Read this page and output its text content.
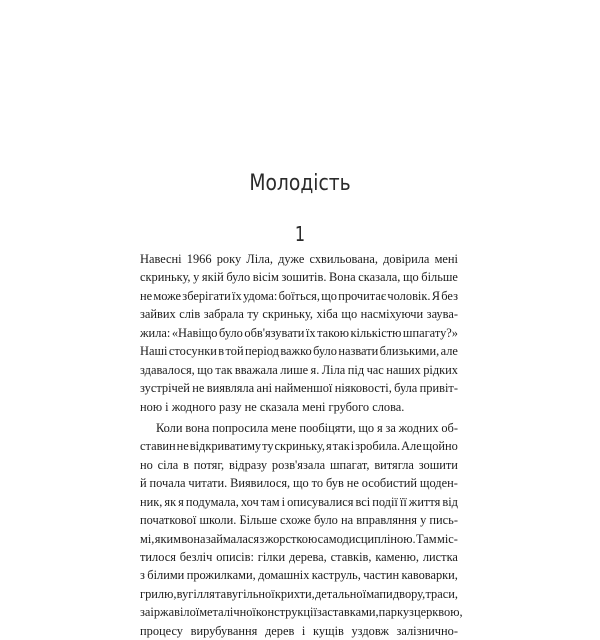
Молодість
1
Навесні 1966 року Ліла, дуже схвильована, довірила мені
скриньку, у якій було вісім зошитів. Вона сказала, що більше
не може зберігати їх удома: боїться, що прочитає чоловік. Я без
зайвих слів забрала ту скриньку, хіба що насміхуючи заува-
жила: «Навіщо було обв'язувати їх такою кількістю шпагату?»
Наші стосунки в той період важко було назвати близькими, але
здавалося, що так вважала лише я. Ліла під час наших рідких
зустрічей не виявляла ані найменшої ніяковості, була привіт-
ною і жодного разу не сказала мені грубого слова.
Коли вона попросила мене пообіцяти, що я за жодних об-
ставин не відкриватиму ту скриньку, я так і зробила. Але щойно
но сіла в потяг, відразу розв'язала шпагат, витягла зошити
й почала читати. Виявилося, що то був не особистий щоден-
ник, як я подумала, хоч там і описувалися всі події її життя від
початкової школи. Більше схоже було на вправляння у пись-
мі, яким вона займалася з жорсткою самодисципліною. Там міс-
тилося безліч описів: гілки дерева, ставків, каменю, листка
з білими прожилками, домашніх каструль, частин кавоварки,
грилю, вугілля та вугільної крихти, детальної мапи двору, траси,
заіржавілої металічної конструкції за ставками, парку з церквою,
процесу вирубування дерев і кущів уздовж залізнично-
